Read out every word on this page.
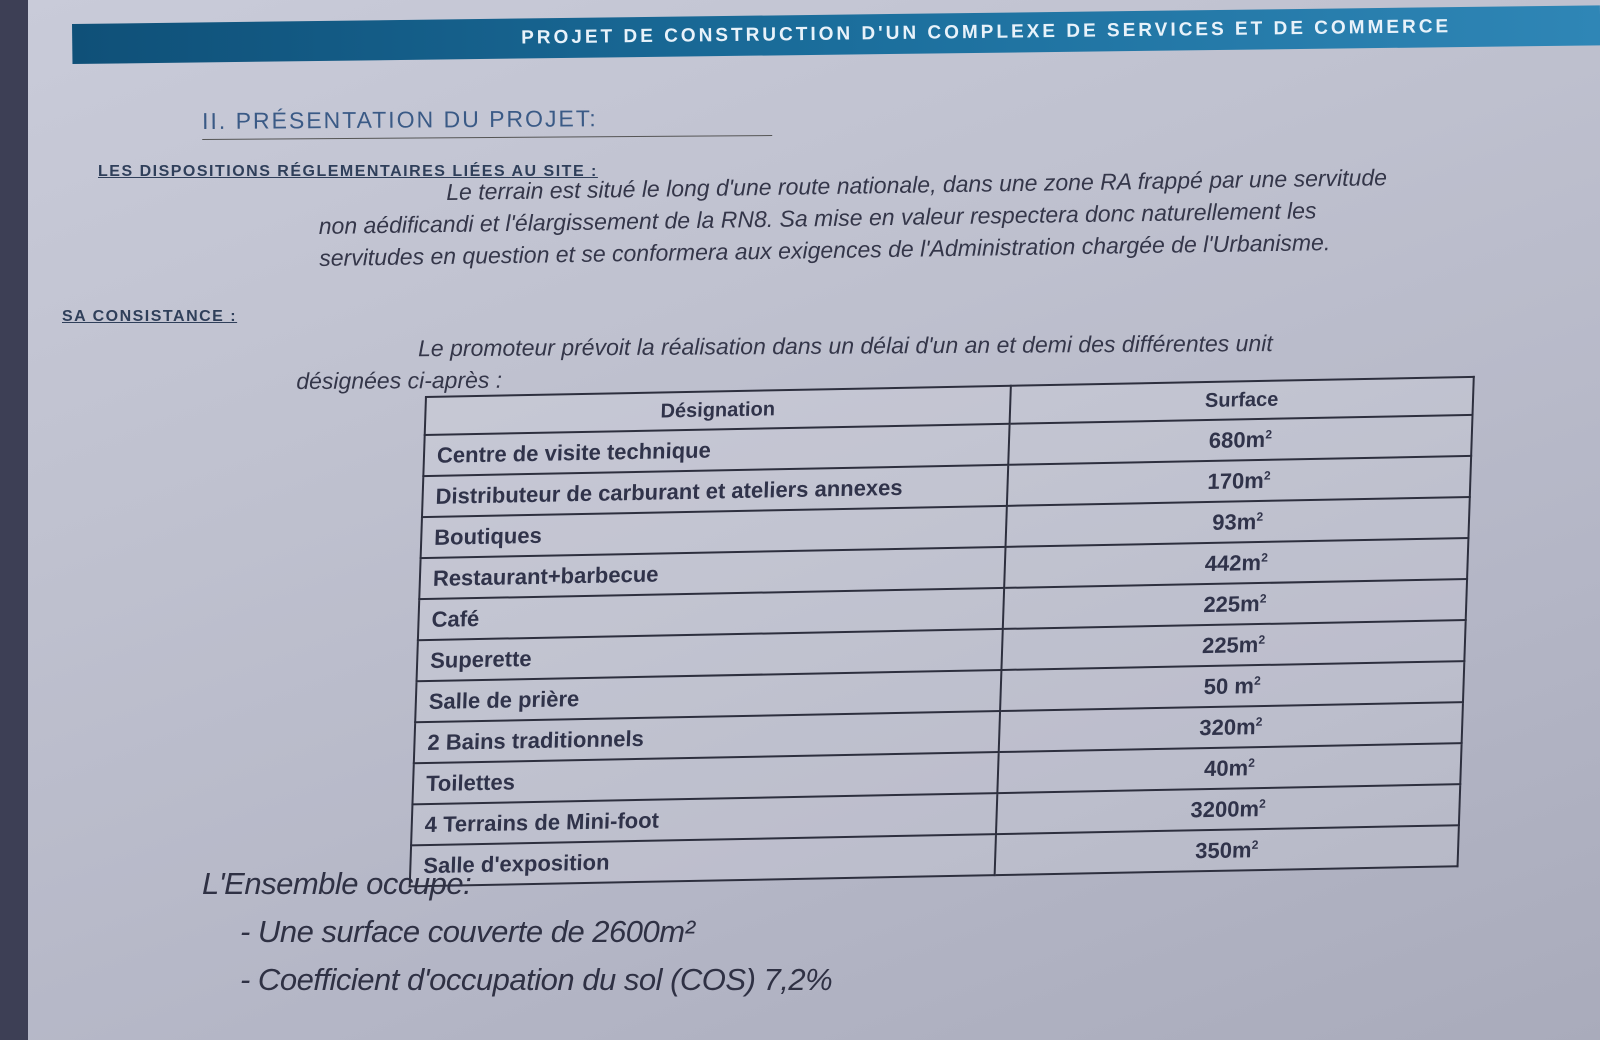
PROJET DE CONSTRUCTION D'UN COMPLEXE DE SERVICES ET DE COMMERCE
II. PRÉSENTATION DU PROJET:
LES DISPOSITIONS RÉGLEMENTAIRES LIÉES AU SITE :
Le terrain est situé le long d'une route nationale, dans une zone RA frappé par une servitude
non aédificandi et l'élargissement de la RN8. Sa mise en valeur respectera donc naturellement les
servitudes en question et se conformera aux exigences de l'Administration chargée de l'Urbanisme.
SA CONSISTANCE :
Le promoteur prévoit la réalisation dans un délai d'un an et demi des différentes unit
désignées ci-après :
Désignation	Surface
Centre de visite technique	$680m^2$
Distributeur de carburant et ateliers annexes	$170m^2$
Boutiques	$93m^2$
Restaurant+barbecue	$442m^2$
Café	$225m^2$
Superette	$225m^2$
Salle de prière	50 $m^2$
2 Bains traditionnels	$320m^2$
Toilettes	$40m^2$
4 Terrains de Mini-foot	$3200m^2$
Salle d'exposition	$350m^2$
L'Ensemble occupe:
- Une surface couverte de 2600m²
- Coefficient d'occupation du sol (COS) 7,2%
